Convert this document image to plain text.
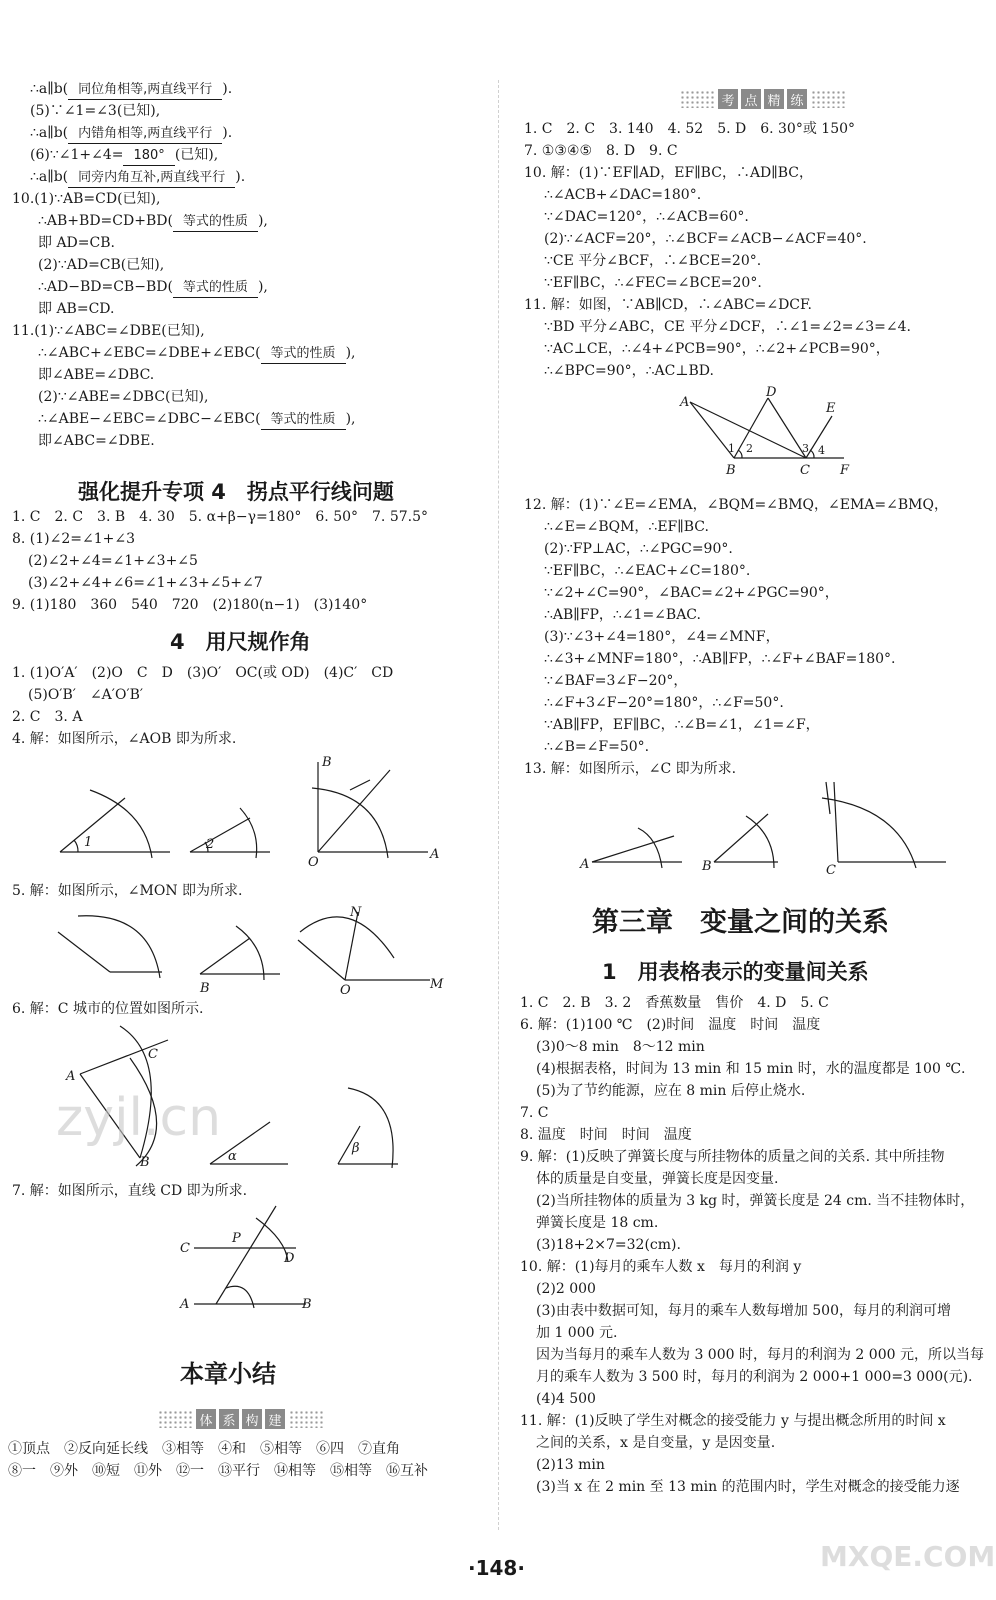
∴a∥b( 同位角相等,两直线平行 ).
(5)∵∠1=∠3(已知),
∴a∥b( 内错角相等,两直线平行 ).
(6)∵∠1+∠4= 180° (已知),
∴a∥b( 同旁内角互补,两直线平行 ).
10.(1)∵AB=CD(已知),
∴AB+BD=CD+BD( 等式的性质 ),
即 AD=CB.
(2)∵AD=CB(已知),
∴AD−BD=CB−BD( 等式的性质 ),
即 AB=CD.
11.(1)∵∠ABC=∠DBE(已知),
∴∠ABC+∠EBC=∠DBE+∠EBC( 等式的性质 ),
即∠ABE=∠DBC.
(2)∵∠ABE=∠DBC(已知),
∴∠ABE−∠EBC=∠DBC−∠EBC( 等式的性质 ),
即∠ABC=∠DBE.
强化提升专项 4　拐点平行线问题
1. C　2. C　3. B　4. 30　5. α+β−γ=180°　6. 50°　7. 57.5°
8. (1)∠2=∠1+∠3
(2)∠2+∠4=∠1+∠3+∠5
(3)∠2+∠4+∠6=∠1+∠3+∠5+∠7
9. (1)180　360　540　720　(2)180(n−1)　(3)140°
4　用尺规作角
1. (1)O′A′　(2)O　C　D　(3)O′　OC(或 OD)　(4)C′　CD
(5)O′B′　∠A′O′B′
2. C　3. A
4. 解：如图所示，∠AOB 即为所求.
1	2
B
O
A
5. 解：如图所示，∠MON 即为所求.
B	O	M
N
6. 解：C 城市的位置如图所示.
A
C
B	α
β
7. 解：如图所示，直线 CD 即为所求.
C
P
D
A	B
本章小结
体 系 构 建
①顶点　②反向延长线　③相等　④和　⑤相等　⑥四　⑦直角
⑧一　⑨外　⑩短　⑪外　⑫一　⑬平行　⑭相等　⑮相等　⑯互补
考 点 精 练
1. C　2. C　3. 140　4. 52　5. D　6. 30°或 150°
7. ①③④⑤　8. D　9. C
10. 解：(1)∵EF∥AD，EF∥BC，∴AD∥BC，
∴∠ACB+∠DAC=180°.
∵∠DAC=120°，∴∠ACB=60°.
(2)∵∠ACF=20°，∴∠BCF=∠ACB−∠ACF=40°.
∵CE 平分∠BCF，∴∠BCE=20°.
∵EF∥BC，∴∠FEC=∠BCE=20°.
11. 解：如图，∵AB∥CD，∴∠ABC=∠DCF.
∵BD 平分∠ABC，CE 平分∠DCF，∴∠1=∠2=∠3=∠4.
∵AC⊥CE，∴∠4+∠PCB=90°，∴∠2+∠PCB=90°，
∴∠BPC=90°，∴AC⊥BD.
A
D
E
B	C F
1 2	3 4
12. 解：(1)∵∠E=∠EMA，∠BQM=∠BMQ，∠EMA=∠BMQ，
∴∠E=∠BQM，∴EF∥BC.
(2)∵FP⊥AC，∴∠PGC=90°.
∵EF∥BC，∴∠EAC+∠C=180°.
∵∠2+∠C=90°，∠BAC=∠2+∠PGC=90°，
∴AB∥FP，∴∠1=∠BAC.
(3)∵∠3+∠4=180°，∠4=∠MNF，
∴∠3+∠MNF=180°，∴AB∥FP，∴∠F+∠BAF=180°.
∵∠BAF=3∠F−20°，
∴∠F+3∠F−20°=180°，∴∠F=50°.
∵AB∥FP，EF∥BC，∴∠B=∠1，∠1=∠F，
∴∠B=∠F=50°.
13. 解：如图所示，∠C 即为所求.
A	B	C
第三章　变量之间的关系
1　用表格表示的变量间关系
1. C　2. B　3. 2　香蕉数量　售价　4. D　5. C
6. 解：(1)100 ℃　(2)时间　温度　时间　温度
(3)0～8 min　8～12 min
(4)根据表格，时间为 13 min 和 15 min 时，水的温度都是 100 ℃.
(5)为了节约能源，应在 8 min 后停止烧水.
7. C
8. 温度　时间　时间　温度
9. 解：(1)反映了弹簧长度与所挂物体的质量之间的关系. 其中所挂物
体的质量是自变量，弹簧长度是因变量.
(2)当所挂物体的质量为 3 kg 时，弹簧长度是 24 cm. 当不挂物体时，
弹簧长度是 18 cm.
(3)18+2×7=32(cm).
10. 解：(1)每月的乘车人数 x　每月的利润 y
(2)2 000
(3)由表中数据可知，每月的乘车人数每增加 500，每月的利润可增
加 1 000 元.
因为当每月的乘车人数为 3 000 时，每月的利润为 2 000 元，所以当每
月的乘车人数为 3 500 时，每月的利润为 2 000+1 000=3 000(元).
(4)4 500
11. 解：(1)反映了学生对概念的接受能力 y 与提出概念所用的时间 x
之间的关系，x 是自变量，y 是因变量.
(2)13 min
(3)当 x 在 2 min 至 13 min 的范围内时，学生对概念的接受能力逐
·148·
zyjl.cn
MXQE.COM
